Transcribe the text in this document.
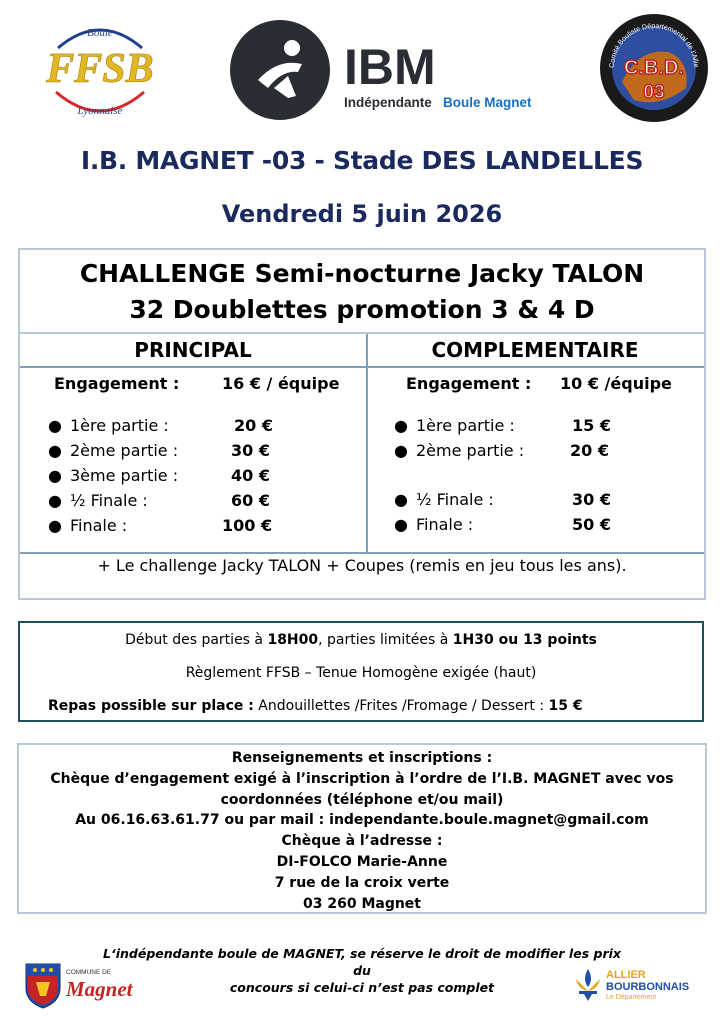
Boule
FFSB
Lyonnaise
IBM
Indépendante Boule Magnet
Comité Bouliste Départemental de l'Allie
C.B.D.
03
I.B. MAGNET -03 - Stade DES LANDELLES
Vendredi 5 juin 2026
CHALLENGE Semi-nocturne Jacky TALON
32 Doublettes promotion 3 & 4 D
PRINCIPAL	COMPLEMENTAIRE
Engagement :	16 € / équipe
● 1ère partie :	20 €
● 2ème partie :	30 €
● 3ème partie :	40 €
● ½ Finale :	60 €
● Finale :	100 €
Engagement : 10 € /équipe
● 1ère partie :	15 €
● 2ème partie :	20 €
● ½ Finale :	30 €
● Finale :	50 €
+ Le challenge Jacky TALON + Coupes (remis en jeu tous les ans).
Début des parties à 18H00, parties limitées à 1H30 ou 13 points
Règlement FFSB – Tenue Homogène exigée (haut)
Repas possible sur place : Andouillettes /Frites /Fromage / Dessert : 15 €
Renseignements et inscriptions :
Chèque d’engagement exigé à l’inscription à l’ordre de l’I.B. MAGNET avec vos
coordonnées (téléphone et/ou mail)
Au 06.16.63.61.77 ou par mail : independante.boule.magnet@gmail.com
Chèque à l’adresse :
DI-FOLCO Marie-Anne
7 rue de la croix verte
03 260 Magnet
L‘indépendante boule de MAGNET, se réserve le droit de modifier les prix du
concours si celui-ci n’est pas complet
COMMUNE DE
Magnet
ALLIER
BOURBONNAIS
Le Département
